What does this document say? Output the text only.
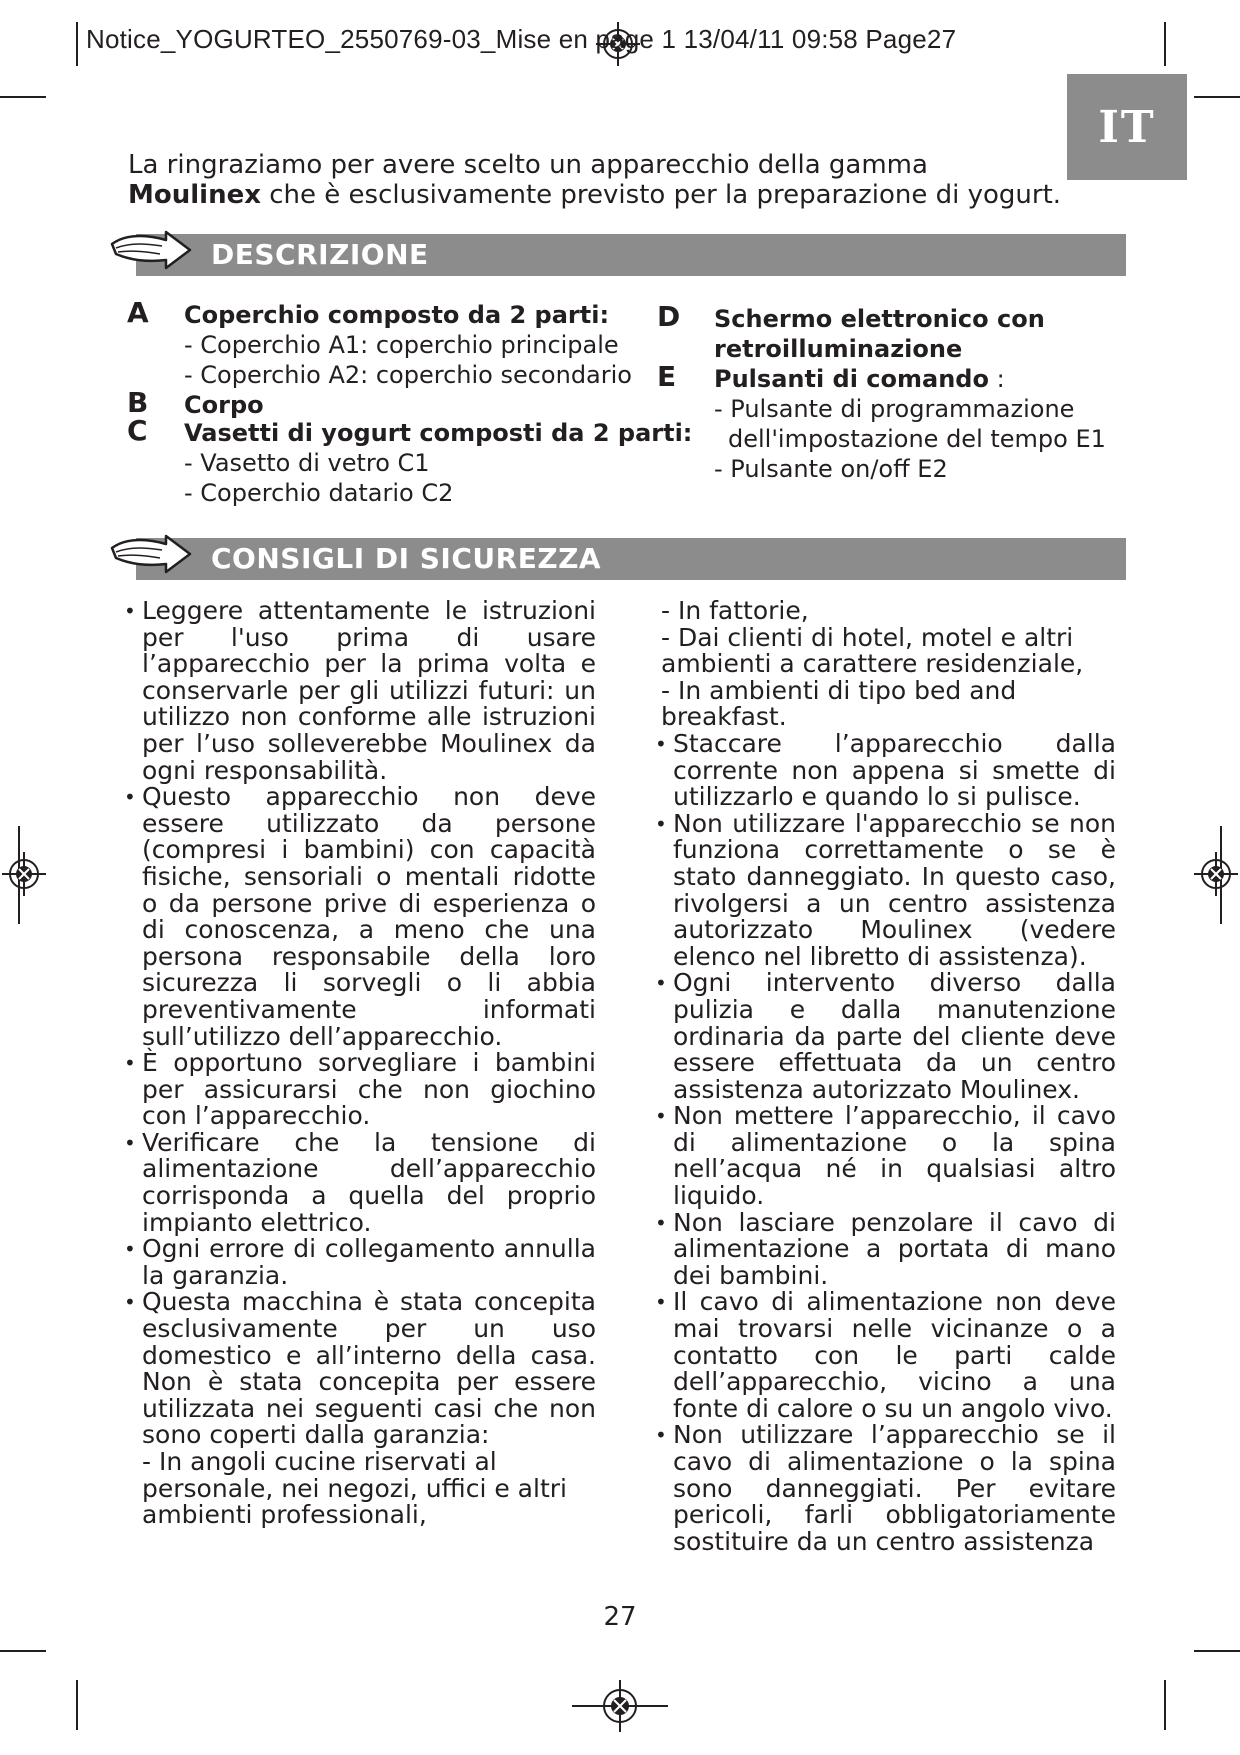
Notice_YOGURTEO_2550769-03_Mise en page 1 13/04/11 09:58 Page27
IT
La ringraziamo per avere scelto un apparecchio della gamma
Moulinex che è esclusivamente previsto per la preparazione di yogurt.
DESCRIZIONE
A Coperchio composto da 2 parti:
- Coperchio A1: coperchio principale
- Coperchio A2: coperchio secondario
B Corpo
C Vasetti di yogurt composti da 2 parti:
- Vasetto di vetro C1
- Coperchio datario C2
D Schermo elettronico con
retroilluminazione
E Pulsanti di comando :
- Pulsante di programmazione
dell'impostazione del tempo E1
- Pulsante on/off E2
CONSIGLI DI SICUREZZA
• Leggere attentamente le istruzioni per l'uso prima di usare l’apparecchio per la prima volta e conservarle per gli utilizzi futuri: un utilizzo non conforme alle istruzioni per l’uso solleverebbe Moulinex da ogni responsabilità.
• Questo apparecchio non deve essere utilizzato da persone (compresi i bambini) con capacità fisiche, sensoriali o mentali ridotte o da persone prive di esperienza o di conoscenza, a meno che una persona responsabile della loro sicurezza li sorvegli o li abbia preventivamente informati sull’utilizzo dell’apparecchio.
• È opportuno sorvegliare i bambini per assicurarsi che non giochino con l’apparecchio.
• Verificare che la tensione di alimentazione dell’apparecchio corrisponda a quella del proprio impianto elettrico.
• Ogni errore di collegamento annulla la garanzia.
• Questa macchina è stata concepita esclusivamente per un uso domestico e all’interno della casa. Non è stata concepita per essere utilizzata nei seguenti casi che non sono coperti dalla garanzia:
- In angoli cucine riservati al personale, nei negozi, uffici e altri ambienti professionali,
- In fattorie,
- Dai clienti di hotel, motel e altri ambienti a carattere residenziale,
- In ambienti di tipo bed and breakfast.
• Staccare l’apparecchio dalla corrente non appena si smette di utilizzarlo e quando lo si pulisce.
• Non utilizzare l'apparecchio se non funziona correttamente o se è stato danneggiato. In questo caso, rivolgersi a un centro assistenza autorizzato Moulinex (vedere elenco nel libretto di assistenza).
• Ogni intervento diverso dalla pulizia e dalla manutenzione ordinaria da parte del cliente deve essere effettuata da un centro assistenza autorizzato Moulinex.
• Non mettere l’apparecchio, il cavo di alimentazione o la spina nell’acqua né in qualsiasi altro liquido.
• Non lasciare penzolare il cavo di alimentazione a portata di mano dei bambini.
• Il cavo di alimentazione non deve mai trovarsi nelle vicinanze o a contatto con le parti calde dell’apparecchio, vicino a una fonte di calore o su un angolo vivo.
• Non utilizzare l’apparecchio se il cavo di alimentazione o la spina sono danneggiati. Per evitare pericoli, farli obbligatoriamente sostituire da un centro assistenza
27
